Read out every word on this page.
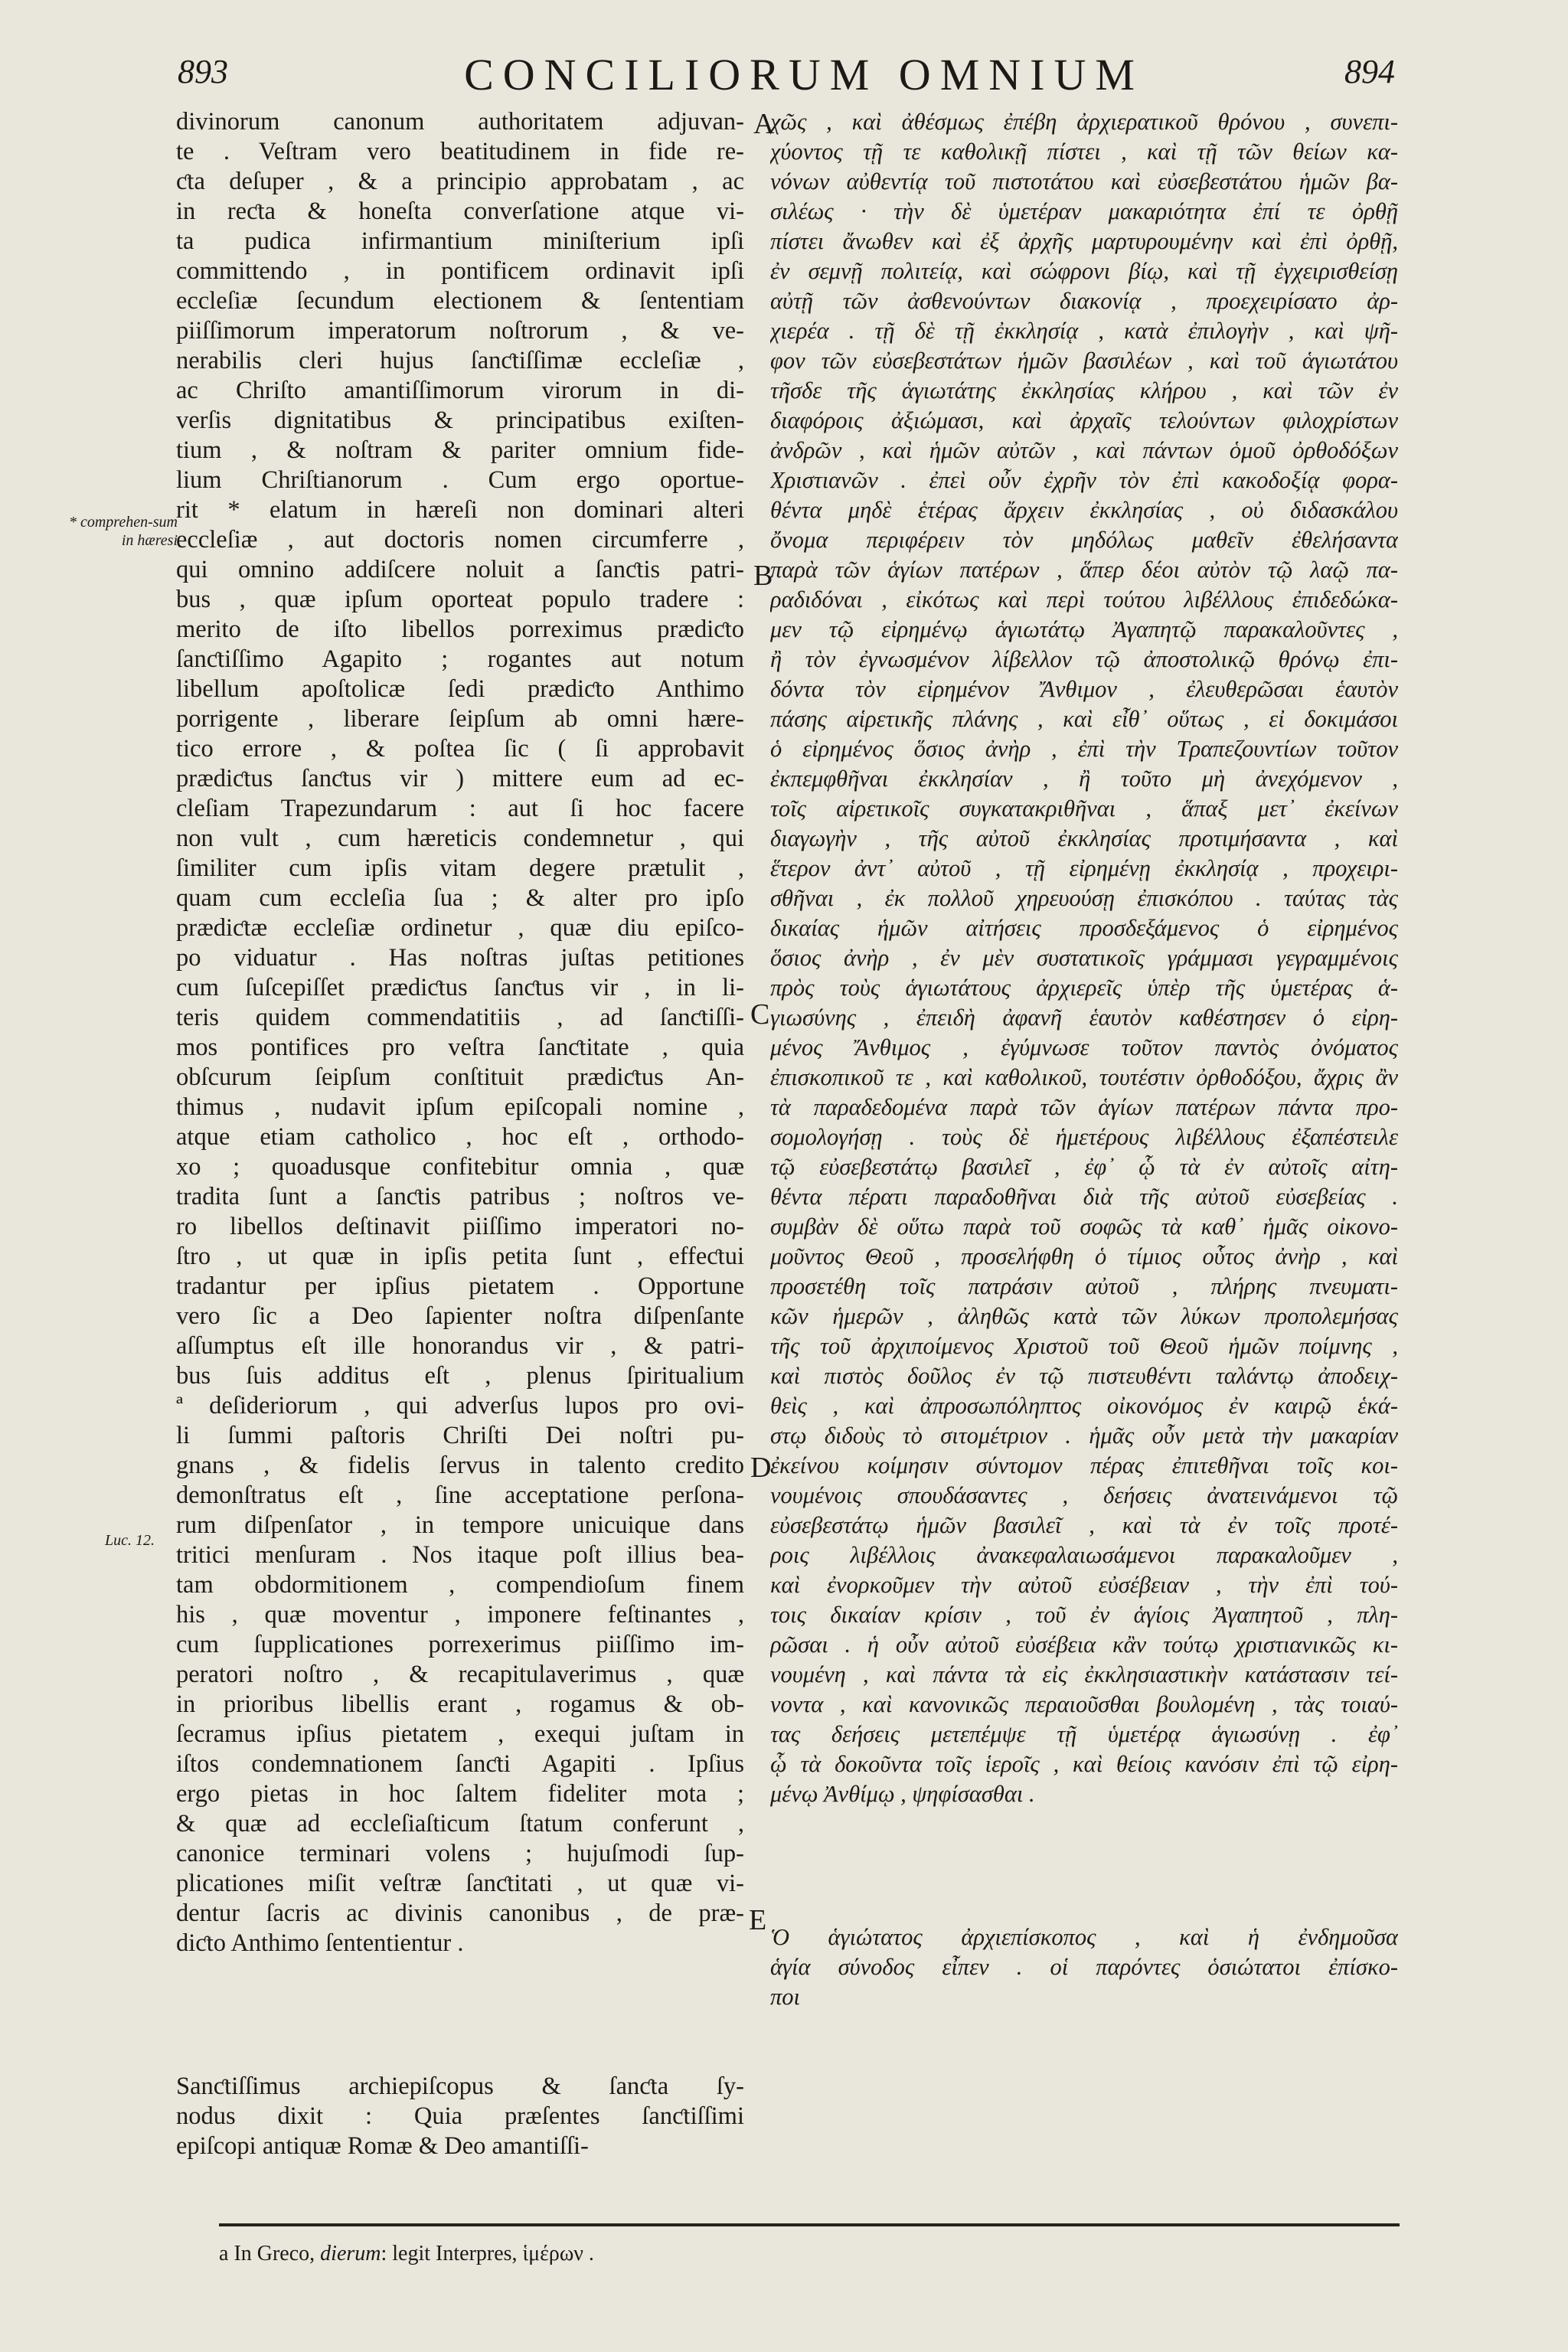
893	CONCILIORUM OMNIUM	894
* comprehen-sum in hæresi
Luc. 12.
A
B
C
D
E
divinorum canonum authoritatem adjuvan-
te . Veſtram vero beatitudinem in fide re-
ƈta deſuper , & a principio approbatam , ac
in reƈta & honeſta converſatione atque vi-
ta pudica infirmantium miniſterium ipſi
committendo , in pontificem ordinavit ipſi
eccleſiæ ſecundum electionem & ſententiam
piiſſimorum imperatorum noſtrorum , & ve-
nerabilis cleri hujus ſanƈtiſſimæ eccleſiæ ,
ac Chriſto amantiſſimorum virorum in di-
verſis dignitatibus & principatibus exiſten-
tium , & noſtram & pariter omnium fide-
lium Chriſtianorum . Cum ergo oportue-
rit * elatum in hæreſi non dominari alteri
eccleſiæ , aut doctoris nomen circumferre ,
qui omnino addiſcere noluit a ſanƈtis patri-
bus , quæ ipſum oporteat populo tradere :
merito de iſto libellos porreximus prædiƈto
ſanƈtiſſimo Agapito ; rogantes aut notum
libellum apoſtolicæ ſedi prædiƈto Anthimo
porrigente , liberare ſeipſum ab omni hære-
tico errore , & poſtea ſic ( ſi approbavit
prædiƈtus ſanƈtus vir ) mittere eum ad ec-
cleſiam Trapezundarum : aut ſi hoc facere
non vult , cum hæreticis condemnetur , qui
ſimiliter cum ipſis vitam degere prætulit ,
quam cum eccleſia ſua ; & alter pro ipſo
prædiƈtæ eccleſiæ ordinetur , quæ diu epiſco-
po viduatur . Has noſtras juſtas petitiones
cum ſuſcepiſſet prædiƈtus ſanƈtus vir , in li-
teris quidem commendatitiis , ad ſanƈtiſſi-
mos pontifices pro veſtra ſanƈtitate , quia
obſcurum ſeipſum conſtituit prædiƈtus An-
thimus , nudavit ipſum epiſcopali nomine ,
atque etiam catholico , hoc eſt , orthodo-
xo ; quoadusque confitebitur omnia , quæ
tradita ſunt a ſanƈtis patribus ; noſtros ve-
ro libellos deſtinavit piiſſimo imperatori no-
ſtro , ut quæ in ipſis petita ſunt , effeƈtui
tradantur per ipſius pietatem . Opportune
vero ſic a Deo ſapienter noſtra diſpenſante
aſſumptus eſt ille honorandus vir , & patri-
bus ſuis additus eſt , plenus ſpiritualium
ª deſideriorum , qui adverſus lupos pro ovi-
li ſummi paſtoris Chriſti Dei noſtri pu-
gnans , & fidelis ſervus in talento credito
demonſtratus eſt , ſine acceptatione perſona-
rum diſpenſator , in tempore unicuique dans
tritici menſuram . Nos itaque poſt illius bea-
tam obdormitionem , compendioſum finem
his , quæ moventur , imponere feſtinantes ,
cum ſupplicationes porrexerimus piiſſimo im-
peratori noſtro , & recapitulaverimus , quæ
in prioribus libellis erant , rogamus & ob-
ſecramus ipſius pietatem , exequi juſtam in
iſtos condemnationem ſanƈti Agapiti . Ipſius
ergo pietas in hoc ſaltem fideliter mota ;
& quæ ad eccleſiaſticum ſtatum conferunt ,
canonice terminari volens ; hujuſmodi ſup-
plicationes miſit veſtræ ſanƈtitati , ut quæ vi-
dentur ſacris ac divinis canonibus , de præ-
diƈto Anthimo ſententientur .
Sanƈtiſſimus archiepiſcopus & ſanƈta ſy-
nodus dixit : Quia præſentes ſanƈtiſſimi
epiſcopi antiquæ Romæ & Deo amantiſſi-
χῶς , καὶ ἀθέσμως ἐπέβη ἀρχιερατικοῦ θρόνου , συνεπι-
χύοντος τῇ τε καθολικῇ πίστει , καὶ τῇ τῶν θείων κα-
νόνων αὐθεντίᾳ τοῦ πιστοτάτου καὶ εὐσεβεστάτου ἡμῶν βα-
σιλέως · τὴν δὲ ὑμετέραν μακαριότητα ἐπί τε ὀρθῇ
πίστει ἄνωθεν καὶ ἐξ ἀρχῆς μαρτυρουμένην καὶ ἐπὶ ὀρθῇ,
ἐν σεμνῇ πολιτείᾳ, καὶ σώφρονι βίῳ, καὶ τῇ ἐγχειρισθείσῃ
αὐτῇ τῶν ἀσθενούντων διακονίᾳ , προεχειρίσατο ἀρ-
χιερέα . τῇ δὲ τῇ ἐκκλησίᾳ , κατὰ ἐπιλογὴν , καὶ ψῆ-
φον τῶν εὐσεβεστάτων ἡμῶν βασιλέων , καὶ τοῦ ἁγιωτάτου
τῆσδε τῆς ἁγιωτάτης ἐκκλησίας κλήρου , καὶ τῶν ἐν
διαφόροις ἀξιώμασι, καὶ ἀρχαῖς τελούντων φιλοχρίστων
ἀνδρῶν , καὶ ἡμῶν αὐτῶν , καὶ πάντων ὁμοῦ ὀρθοδόξων
Χριστιανῶν . ἐπεὶ οὖν ἐχρῆν τὸν ἐπὶ κακοδοξίᾳ φορα-
θέντα μηδὲ ἑτέρας ἄρχειν ἐκκλησίας , οὐ διδασκάλου
ὄνομα περιφέρειν τὸν μηδόλως μαθεῖν ἐθελήσαντα
παρὰ τῶν ἁγίων πατέρων , ἅπερ δέοι αὐτὸν τῷ λαῷ πα-
ραδιδόναι , εἰκότως καὶ περὶ τούτου λιβέλλους ἐπιδεδώκα-
μεν τῷ εἰρημένῳ ἁγιωτάτῳ Ἀγαπητῷ παρακαλοῦντες ,
ἢ τὸν ἐγνωσμένον λίβελλον τῷ ἀποστολικῷ θρόνῳ ἐπι-
δόντα τὸν εἰρημένον Ἄνθιμον , ἐλευθερῶσαι ἑαυτὸν
πάσης αἱρετικῆς πλάνης , καὶ εἶθ᾽ οὕτως , εἰ δοκιμάσοι
ὁ εἰρημένος ὅσιος ἀνὴρ , ἐπὶ τὴν Τραπεζουντίων τοῦτον
ἐκπεμφθῆναι ἐκκλησίαν , ἢ τοῦτο μὴ ἀνεχόμενον ,
τοῖς αἱρετικοῖς συγκατακριθῆναι , ἅπαξ μετ᾽ ἐκείνων
διαγωγὴν , τῆς αὐτοῦ ἐκκλησίας προτιμήσαντα , καὶ
ἕτερον ἀντ᾽ αὐτοῦ , τῇ εἰρημένῃ ἐκκλησίᾳ , προχειρι-
σθῆναι , ἐκ πολλοῦ χηρευούσῃ ἐπισκόπου . ταύτας τὰς
δικαίας ἡμῶν αἰτήσεις προσδεξάμενος ὁ εἰρημένος
ὅσιος ἀνὴρ , ἐν μὲν συστατικοῖς γράμμασι γεγραμμένοις
πρὸς τοὺς ἁγιωτάτους ἀρχιερεῖς ὑπὲρ τῆς ὑμετέρας ἁ-
γιωσύνης , ἐπειδὴ ἀφανῆ ἑαυτὸν καθέστησεν ὁ εἰρη-
μένος Ἄνθιμος , ἐγύμνωσε τοῦτον παντὸς ὀνόματος
ἐπισκοπικοῦ τε , καὶ καθολικοῦ, τουτέστιν ὀρθοδόξου, ἄχρις ἂν
τὰ παραδεδομένα παρὰ τῶν ἁγίων πατέρων πάντα προ-
σομολογήσῃ . τοὺς δὲ ἡμετέρους λιβέλλους ἐξαπέστειλε
τῷ εὐσεβεστάτῳ βασιλεῖ , ἐφ᾽ ᾧ τὰ ἐν αὐτοῖς αἰτη-
θέντα πέρατι παραδοθῆναι διὰ τῆς αὐτοῦ εὐσεβείας .
συμβὰν δὲ οὕτω παρὰ τοῦ σοφῶς τὰ καθ᾽ ἡμᾶς οἰκονο-
μοῦντος Θεοῦ , προσελήφθη ὁ τίμιος οὗτος ἀνὴρ , καὶ
προσετέθη τοῖς πατράσιν αὐτοῦ , πλήρης πνευματι-
κῶν ἡμερῶν , ἀληθῶς κατὰ τῶν λύκων προπολεμήσας
τῆς τοῦ ἀρχιποίμενος Χριστοῦ τοῦ Θεοῦ ἡμῶν ποίμνης ,
καὶ πιστὸς δοῦλος ἐν τῷ πιστευθέντι ταλάντῳ ἀποδειχ-
θεὶς , καὶ ἀπροσωπόληπτος οἰκονόμος ἐν καιρῷ ἑκά-
στῳ διδοὺς τὸ σιτομέτριον . ἡμᾶς οὖν μετὰ τὴν μακαρίαν
ἐκείνου κοίμησιν σύντομον πέρας ἐπιτεθῆναι τοῖς κοι-
νουμένοις σπουδάσαντες , δεήσεις ἀνατεινάμενοι τῷ
εὐσεβεστάτῳ ἡμῶν βασιλεῖ , καὶ τὰ ἐν τοῖς προτέ-
ροις λιβέλλοις ἀνακεφαλαιωσάμενοι παρακαλοῦμεν ,
καὶ ἐνορκοῦμεν τὴν αὐτοῦ εὐσέβειαν , τὴν ἐπὶ τού-
τοις δικαίαν κρίσιν , τοῦ ἐν ἁγίοις Ἀγαπητοῦ , πλη-
ρῶσαι . ἡ οὖν αὐτοῦ εὐσέβεια κἂν τούτῳ χριστιανικῶς κι-
νουμένη , καὶ πάντα τὰ εἰς ἐκκλησιαστικὴν κατάστασιν τεί-
νοντα , καὶ κανονικῶς περαιοῦσθαι βουλομένη , τὰς τοιαύ-
τας δεήσεις μετεπέμψε τῇ ὑμετέρᾳ ἁγιωσύνῃ . ἐφ᾽
ᾧ τὰ δοκοῦντα τοῖς ἱεροῖς , καὶ θείοις κανόσιν ἐπὶ τῷ εἰρη-
μένῳ Ἀνθίμῳ , ψηφίσασθαι .
Ὁ ἁγιώτατος ἀρχιεπίσκοπος , καὶ ἡ ἐνδημοῦσα
ἁγία σύνοδος εἶπεν . οἱ παρόντες ὁσιώτατοι ἐπίσκο-
ποι
a In Greco, dierum: legit Interpres, ἱμέρων .
